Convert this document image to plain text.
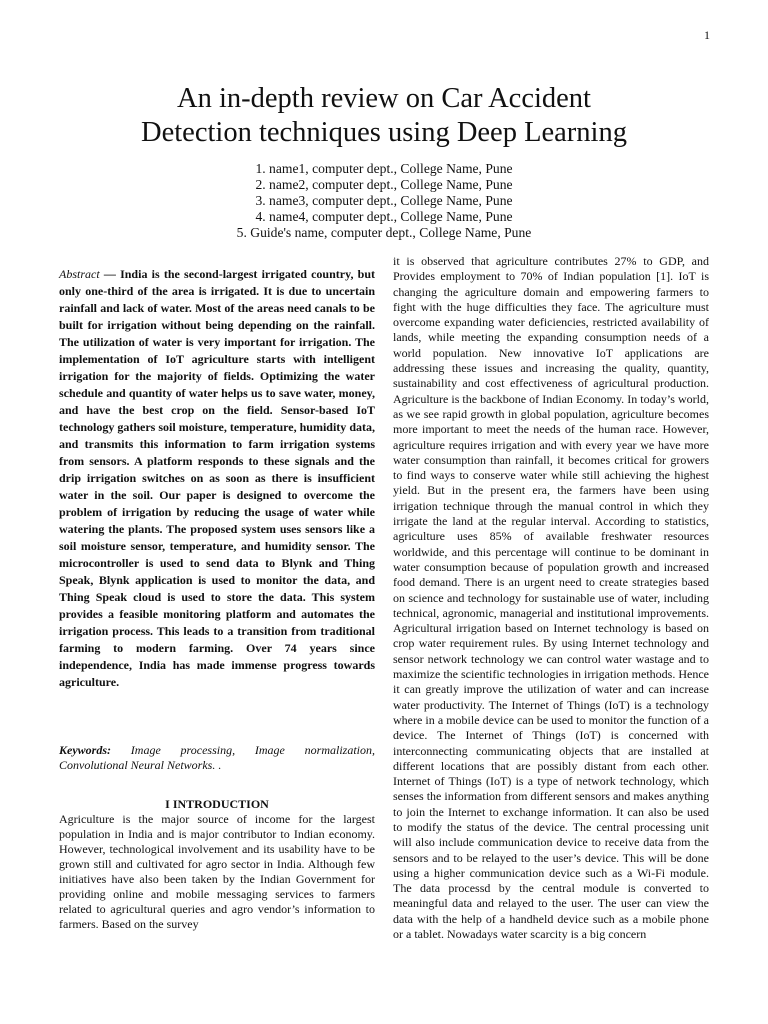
1
An in-depth review on Car Accident
Detection techniques using Deep Learning
1. name1, computer dept., College Name, Pune
2. name2, computer dept., College Name, Pune
3. name3, computer dept., College Name, Pune
4. name4, computer dept., College Name, Pune
5. Guide's name, computer dept., College Name, Pune

Abstract — India is the second-largest irrigated country, but only one-third of the area is irrigated. It is due to uncertain rainfall and lack of water. Most of the areas need canals to be built for irrigation without being depending on the rainfall. The utilization of water is very important for irrigation. The implementation of IoT agriculture starts with intelligent irrigation for the majority of fields. Optimizing the water schedule and quantity of water helps us to save water, money, and have the best crop on the field. Sensor-based IoT technology gathers soil moisture, temperature, humidity data, and transmits this information to farm irrigation systems from sensors. A platform responds to these signals and the drip irrigation switches on as soon as there is insufficient water in the soil. Our paper is designed to overcome the problem of irrigation by reducing the usage of water while watering the plants. The proposed system uses sensors like a soil moisture sensor, temperature, and humidity sensor. The microcontroller is used to send data to Blynk and Thing Speak, Blynk application is used to monitor the data, and Thing Speak cloud is used to store the data. This system provides a feasible monitoring platform and automates the irrigation process. This leads to a transition from traditional farming to modern farming. Over 74 years since independence, India has made immense progress towards agriculture.

Keywords: Image processing, Image normalization, Convolutional Neural Networks. .

I INTRODUCTION

Agriculture is the major source of income for the largest population in India and is major contributor to Indian economy. However, technological involvement and its usability have to be grown still and cultivated for agro sector in India. Although few initiatives have also been taken by the Indian Government for providing online and mobile messaging services to farmers related to agricultural queries and agro vendor’s information to farmers. Based on the survey

it is observed that agriculture contributes 27% to GDP, and Provides employment to 70% of Indian population [1]. IoT is changing the agriculture domain and empowering farmers to fight with the huge difficulties they face. The agriculture must overcome expanding water deficiencies, restricted availability of lands, while meeting the expanding consumption needs of a world population. New innovative IoT applications are addressing these issues and increasing the quality, quantity, sustainability and cost effectiveness of agricultural production. Agriculture is the backbone of Indian Economy. In today’s world, as we see rapid growth in global population, agriculture becomes more important to meet the needs of the human race. However, agriculture requires irrigation and with every year we have more water consumption than rainfall, it becomes critical for growers to find ways to conserve water while still achieving the highest yield. But in the present era, the farmers have been using irrigation technique through the manual control in which they irrigate the land at the regular interval. According to statistics, agriculture uses 85% of available freshwater resources worldwide, and this percentage will continue to be dominant in water consumption because of population growth and increased food demand. There is an urgent need to create strategies based on science and technology for sustainable use of water, including technical, agronomic, managerial and institutional improvements. Agricultural irrigation based on Internet technology is based on crop water requirement rules. By using Internet technology and sensor network technology we can control water wastage and to maximize the scientific technologies in irrigation methods. Hence it can greatly improve the utilization of water and can increase water productivity. The Internet of Things (IoT) is a technology where in a mobile device can be used to monitor the function of a device. The Internet of Things (IoT) is concerned with interconnecting communicating objects that are installed at different locations that are possibly distant from each other. Internet of Things (IoT) is a type of network technology, which senses the information from different sensors and makes anything to join the Internet to exchange information. It can also be used to modify the status of the device. The central processing unit will also include communication device to receive data from the sensors and to be relayed to the user’s device. This will be done using a higher communication device such as a Wi-Fi module. The data processd by the central module is converted to meaningful data and relayed to the user. The user can view the data with the help of a handheld device such as a mobile phone or a tablet. Nowadays water scarcity is a big concern
